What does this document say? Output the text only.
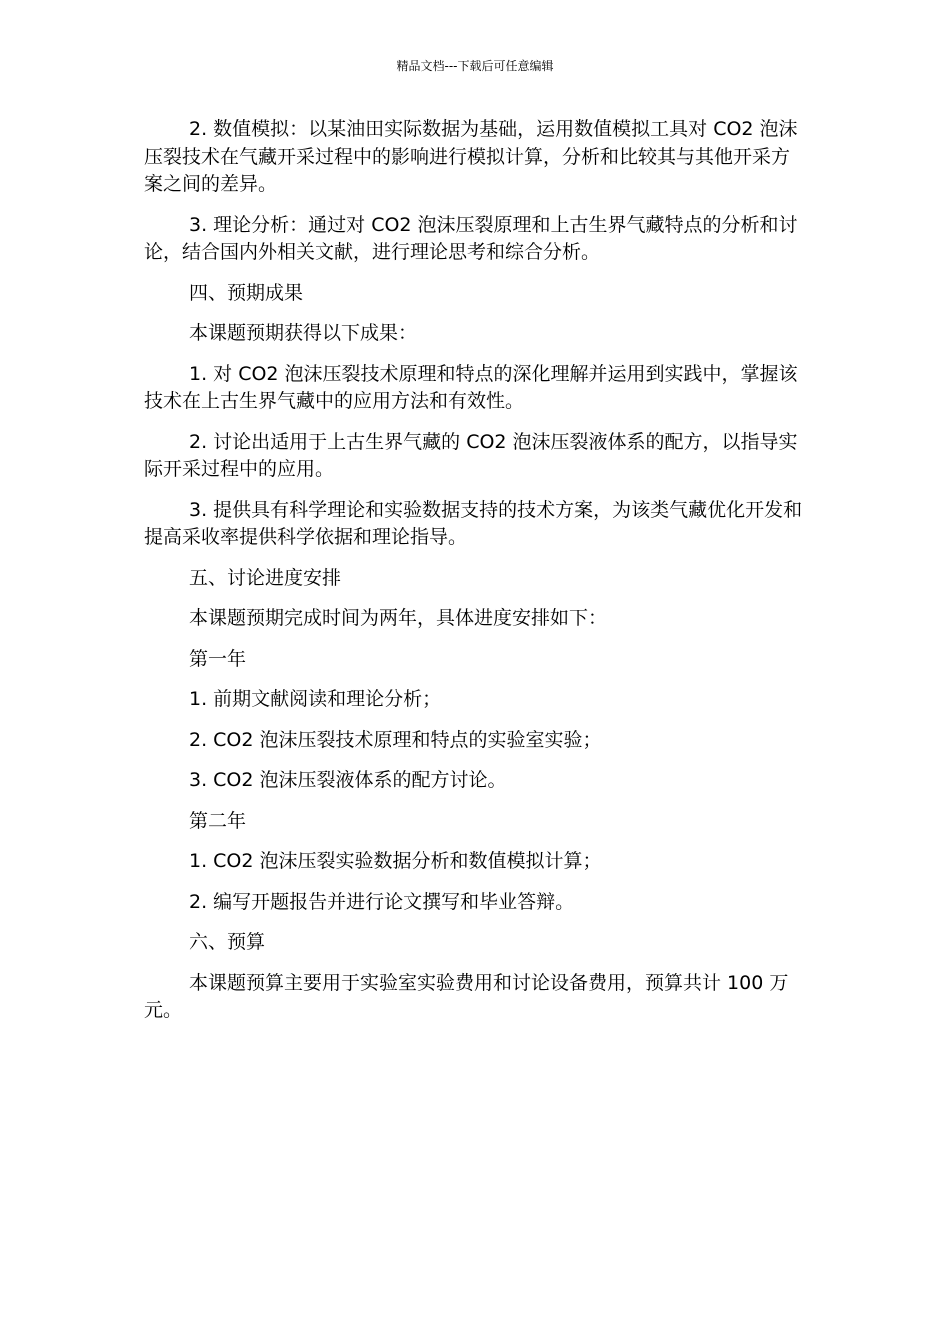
精品文档---下载后可任意编辑

2. 数值模拟：以某油田实际数据为基础，运用数值模拟工具对 CO2 泡沫压裂技术在气藏开采过程中的影响进行模拟计算，分析和比较其与其他开采方案之间的差异。

3. 理论分析：通过对 CO2 泡沫压裂原理和上古生界气藏特点的分析和讨论，结合国内外相关文献，进行理论思考和综合分析。

四、预期成果

本课题预期获得以下成果：

1. 对 CO2 泡沫压裂技术原理和特点的深化理解并运用到实践中，掌握该技术在上古生界气藏中的应用方法和有效性。

2. 讨论出适用于上古生界气藏的 CO2 泡沫压裂液体系的配方，以指导实际开采过程中的应用。

3. 提供具有科学理论和实验数据支持的技术方案，为该类气藏优化开发和提高采收率提供科学依据和理论指导。

五、讨论进度安排

本课题预期完成时间为两年，具体进度安排如下：

第一年

1. 前期文献阅读和理论分析；

2. CO2 泡沫压裂技术原理和特点的实验室实验；

3. CO2 泡沫压裂液体系的配方讨论。

第二年

1. CO2 泡沫压裂实验数据分析和数值模拟计算；

2. 编写开题报告并进行论文撰写和毕业答辩。

六、预算

本课题预算主要用于实验室实验费用和讨论设备费用，预算共计 100 万元。
